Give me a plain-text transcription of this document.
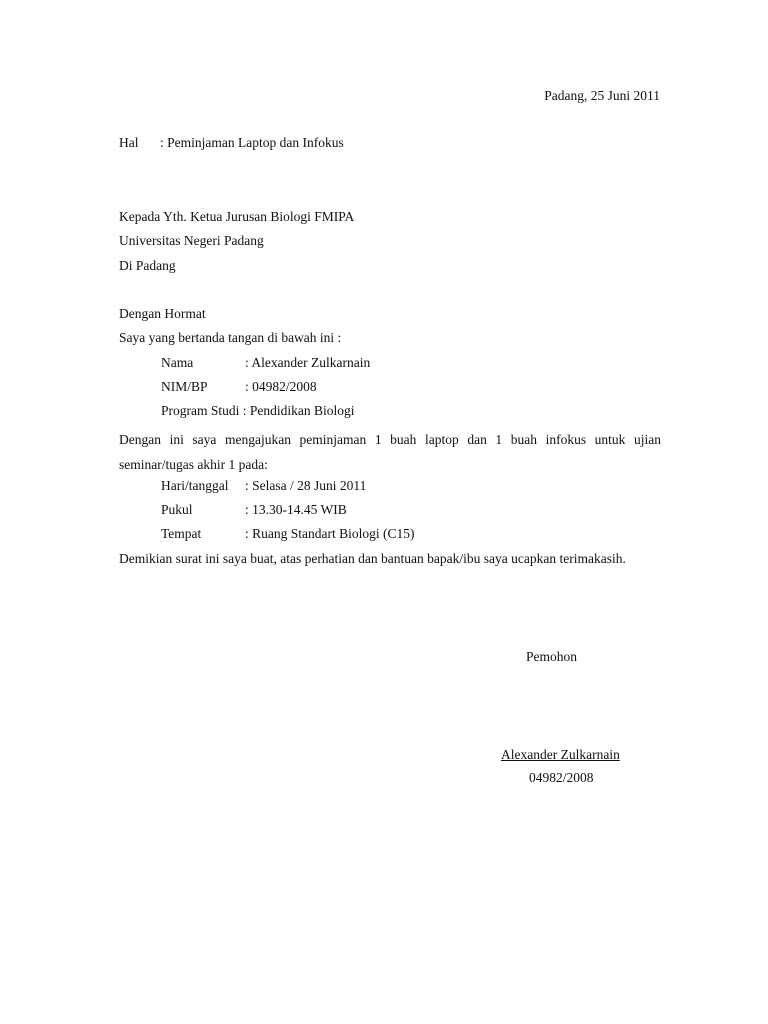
Padang, 25 Juni 2011
Hal : Peminjaman Laptop dan Infokus
Kepada Yth. Ketua Jurusan Biologi FMIPA
Universitas Negeri Padang
Di Padang
Dengan Hormat
Saya yang bertanda tangan di bawah ini :
Nama	: Alexander Zulkarnain
NIM/BP	: 04982/2008
Program Studi : Pendidikan Biologi
Dengan ini saya mengajukan peminjaman 1 buah laptop dan 1 buah infokus untuk ujian
seminar/tugas akhir 1 pada:
Hari/tanggal : Selasa / 28 Juni 2011
Pukul	: 13.30-14.45 WIB
Tempat	: Ruang Standart Biologi (C15)
Demikian surat ini saya buat, atas perhatian dan bantuan bapak/ibu saya ucapkan terimakasih.
Pemohon
Alexander Zulkarnain
04982/2008
